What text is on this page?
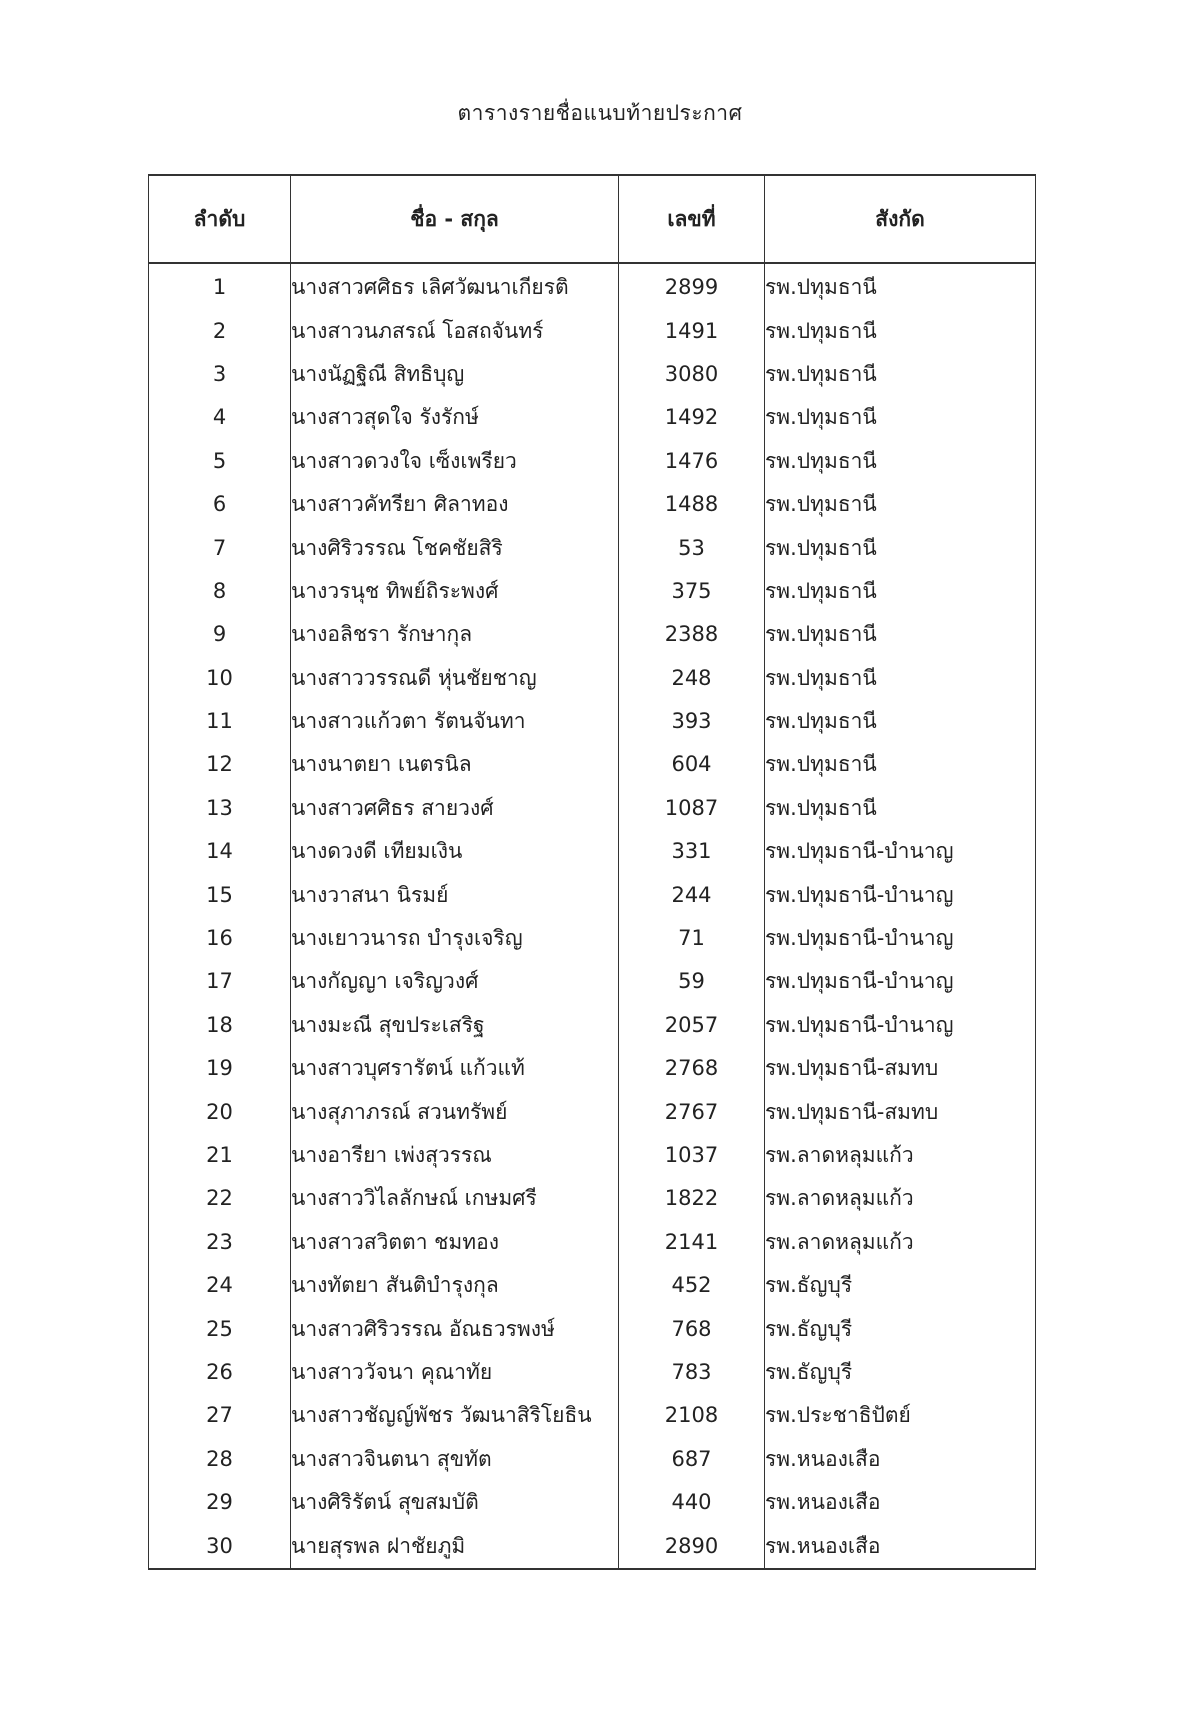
ตารางรายชื่อแนบท้ายประกาศ
ลำดับ	ชื่อ - สกุล	เลขที่	สังกัด
1	นางสาวศศิธร เลิศวัฒนาเกียรติ	2899	รพ.ปทุมธานี
2	นางสาวนภสรณ์ โอสถจันทร์	1491	รพ.ปทุมธานี
3	นางนัฏฐิณี สิทธิบุญ	3080	รพ.ปทุมธานี
4	นางสาวสุดใจ รังรักษ์	1492	รพ.ปทุมธานี
5	นางสาวดวงใจ เซ็งเพรียว	1476	รพ.ปทุมธานี
6	นางสาวคัทรียา ศิลาทอง	1488	รพ.ปทุมธานี
7	นางศิริวรรณ โชคชัยสิริ	53	รพ.ปทุมธานี
8	นางวรนุช ทิพย์ถิระพงศ์	375	รพ.ปทุมธานี
9	นางอลิชรา รักษากุล	2388	รพ.ปทุมธานี
10	นางสาววรรณดี หุ่นชัยชาญ	248	รพ.ปทุมธานี
11	นางสาวแก้วตา รัตนจันทา	393	รพ.ปทุมธานี
12	นางนาตยา เนตรนิล	604	รพ.ปทุมธานี
13	นางสาวศศิธร สายวงศ์	1087	รพ.ปทุมธานี
14	นางดวงดี เทียมเงิน	331	รพ.ปทุมธานี-บำนาญ
15	นางวาสนา นิรมย์	244	รพ.ปทุมธานี-บำนาญ
16	นางเยาวนารถ บำรุงเจริญ	71	รพ.ปทุมธานี-บำนาญ
17	นางกัญญา เจริญวงศ์	59	รพ.ปทุมธานี-บำนาญ
18	นางมะณี สุขประเสริฐ	2057	รพ.ปทุมธานี-บำนาญ
19	นางสาวบุศรารัตน์ แก้วแท้	2768	รพ.ปทุมธานี-สมทบ
20	นางสุภาภรณ์ สวนทรัพย์	2767	รพ.ปทุมธานี-สมทบ
21	นางอารียา เพ่งสุวรรณ	1037	รพ.ลาดหลุมแก้ว
22	นางสาววิไลลักษณ์ เกษมศรี	1822	รพ.ลาดหลุมแก้ว
23	นางสาวสวิตตา ชมทอง	2141	รพ.ลาดหลุมแก้ว
24	นางทัตยา สันติบำรุงกุล	452	รพ.ธัญบุรี
25	นางสาวศิริวรรณ อัณธวรพงษ์	768	รพ.ธัญบุรี
26	นางสาววัจนา คุณาทัย	783	รพ.ธัญบุรี
27	นางสาวชัญญ์พัชร วัฒนาสิริโยธิน	2108	รพ.ประชาธิปัตย์
28	นางสาวจินตนา สุขทัต	687	รพ.หนองเสือ
29	นางศิริรัตน์ สุขสมบัติ	440	รพ.หนองเสือ
30	นายสุรพล ฝาชัยภูมิ	2890	รพ.หนองเสือ
